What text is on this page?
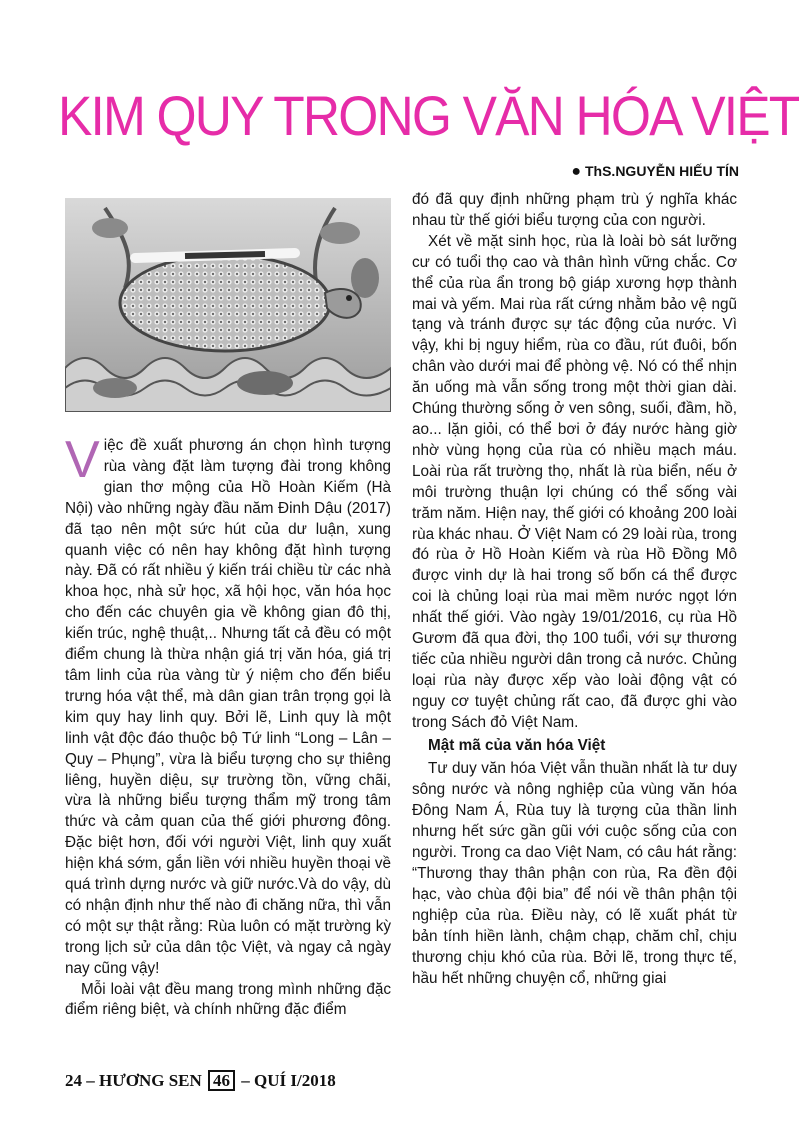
KIM QUY TRONG VĂN HÓA VIỆT
● ThS.NGUYỄN HIẾU TÍN

Việc đề xuất phương án chọn hình tượng rùa vàng đặt làm tượng đài trong không gian thơ mộng của Hồ Hoàn Kiếm (Hà Nội) vào những ngày đầu năm Đinh Dậu (2017) đã tạo nên một sức hút của dư luận, xung quanh việc có nên hay không đặt hình tượng này. Đã có rất nhiều ý kiến trái chiều từ các nhà khoa học, nhà sử học, xã hội học, văn hóa học cho đến các chuyên gia về không gian đô thị, kiến trúc, nghệ thuật,.. Nhưng tất cả đều có một điểm chung là thừa nhận giá trị văn hóa, giá trị tâm linh của rùa vàng từ ý niệm cho đến biểu trưng hóa vật thể, mà dân gian trân trọng gọi là kim quy hay linh quy. Bởi lẽ, Linh quy là một linh vật độc đáo thuộc bộ Tứ linh “Long – Lân – Quy – Phụng”, vừa là biểu tượng cho sự thiêng liêng, huyền diệu, sự trường tồn, vững chãi, vừa là những biểu tượng thẩm mỹ trong tâm thức và cảm quan của thế giới phương đông. Đặc biệt hơn, đối với người Việt, linh quy xuất hiện khá sớm, gắn liền với nhiều huyền thoại về quá trình dựng nước và giữ nước.Và do vậy, dù có nhận định như thế nào đi chăng nữa, thì vẫn có một sự thật rằng: Rùa luôn có mặt trường kỳ trong lịch sử của dân tộc Việt, và ngay cả ngày nay cũng vậy!

Mỗi loài vật đều mang trong mình những đặc điểm riêng biệt, và chính những đặc điểm

đó đã quy định những phạm trù ý nghĩa khác nhau từ thế giới biểu tượng của con người.

Xét về mặt sinh học, rùa là loài bò sát lưỡng cư có tuổi thọ cao và thân hình vững chắc. Cơ thể của rùa ẩn trong bộ giáp xương hợp thành mai và yếm. Mai rùa rất cứng nhằm bảo vệ ngũ tạng và tránh được sự tác động của nước. Vì vậy, khi bị nguy hiểm, rùa co đầu, rút đuôi, bốn chân vào dưới mai để phòng vệ. Nó có thể nhịn ăn uống mà vẫn sống trong một thời gian dài. Chúng thường sống ở ven sông, suối, đầm, hồ, ao... lặn giỏi, có thể bơi ở đáy nước hàng giờ nhờ vùng họng của rùa có nhiều mạch máu. Loài rùa rất trường thọ, nhất là rùa biển, nếu ở môi trường thuận lợi chúng có thể sống vài trăm năm. Hiện nay, thế giới có khoảng 200 loài rùa khác nhau. Ở Việt Nam có 29 loài rùa, trong đó rùa ở Hồ Hoàn Kiếm và rùa Hồ Đồng Mô được vinh dự là hai trong số bốn cá thể được coi là chủng loại rùa mai mềm nước ngọt lớn nhất thế giới. Vào ngày 19/01/2016, cụ rùa Hồ Gươm đã qua đời, thọ 100 tuổi, với sự thương tiếc của nhiều người dân trong cả nước. Chủng loại rùa này được xếp vào loài động vật có nguy cơ tuyệt chủng rất cao, đã được ghi vào trong Sách đỏ Việt Nam.

Mật mã của văn hóa Việt

Tư duy văn hóa Việt vẫn thuần nhất là tư duy sông nước và nông nghiệp của vùng văn hóa Đông Nam Á, Rùa tuy là tượng của thần linh nhưng hết sức gần gũi với cuộc sống của con người. Trong ca dao Việt Nam, có câu hát rằng: “Thương thay thân phận con rùa, Ra đền đội hạc, vào chùa đội bia” để nói về thân phận tội nghiệp của rùa. Điều này, có lẽ xuất phát từ bản tính hiền lành, chậm chạp, chăm chỉ, chịu thương chịu khó của rùa. Bởi lẽ, trong thực tế, hầu hết những chuyện cổ, những giai

24 – HƯƠNG SEN 46 – QUÍ I/2018
